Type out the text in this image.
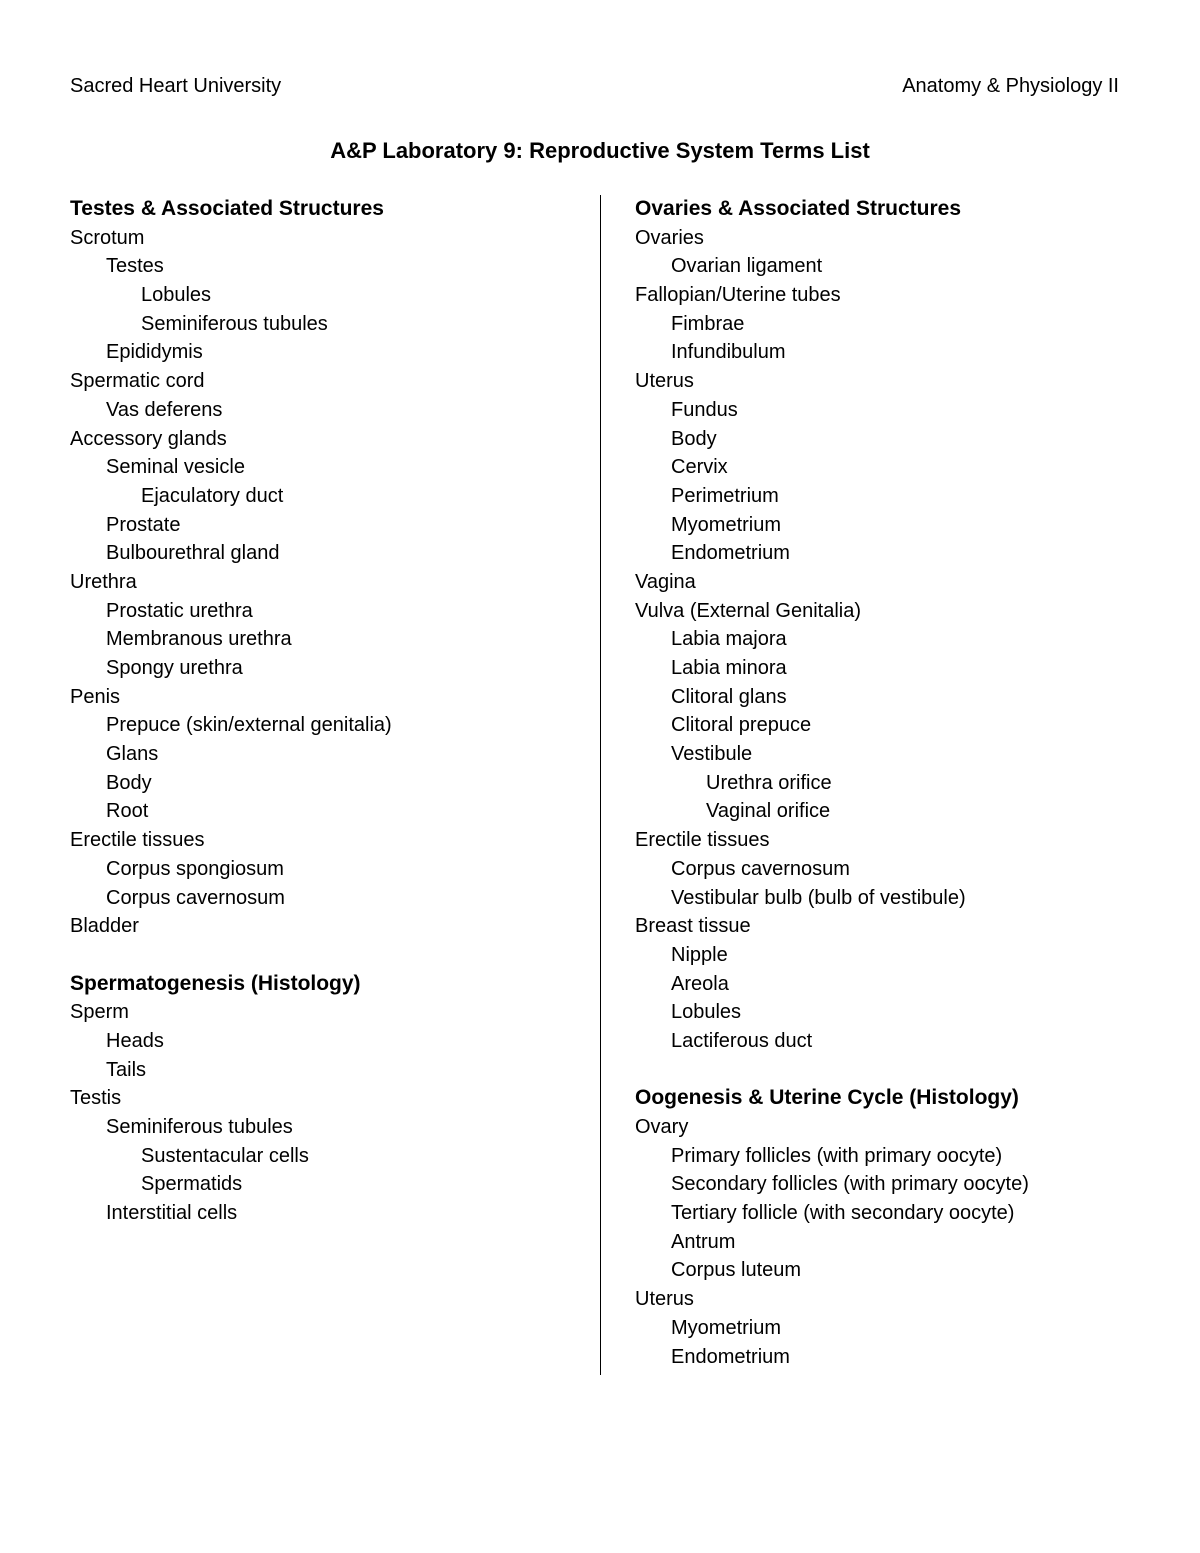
Sacred Heart University	Anatomy & Physiology II
A&P Laboratory 9: Reproductive System Terms List
Testes & Associated Structures
Scrotum
Testes
Lobules
Seminiferous tubules
Epididymis
Spermatic cord
Vas deferens
Accessory glands
Seminal vesicle
Ejaculatory duct
Prostate
Bulbourethral gland
Urethra
Prostatic urethra
Membranous urethra
Spongy urethra
Penis
Prepuce (skin/external genitalia)
Glans
Body
Root
Erectile tissues
Corpus spongiosum
Corpus cavernosum
Bladder
Spermatogenesis (Histology)
Sperm
Heads
Tails
Testis
Seminiferous tubules
Sustentacular cells
Spermatids
Interstitial cells
Ovaries & Associated Structures
Ovaries
Ovarian ligament
Fallopian/Uterine tubes
Fimbrae
Infundibulum
Uterus
Fundus
Body
Cervix
Perimetrium
Myometrium
Endometrium
Vagina
Vulva (External Genitalia)
Labia majora
Labia minora
Clitoral glans
Clitoral prepuce
Vestibule
Urethra orifice
Vaginal orifice
Erectile tissues
Corpus cavernosum
Vestibular bulb (bulb of vestibule)
Breast tissue
Nipple
Areola
Lobules
Lactiferous duct
Oogenesis & Uterine Cycle (Histology)
Ovary
Primary follicles (with primary oocyte)
Secondary follicles (with primary oocyte)
Tertiary follicle (with secondary oocyte)
Antrum
Corpus luteum
Uterus
Myometrium
Endometrium
